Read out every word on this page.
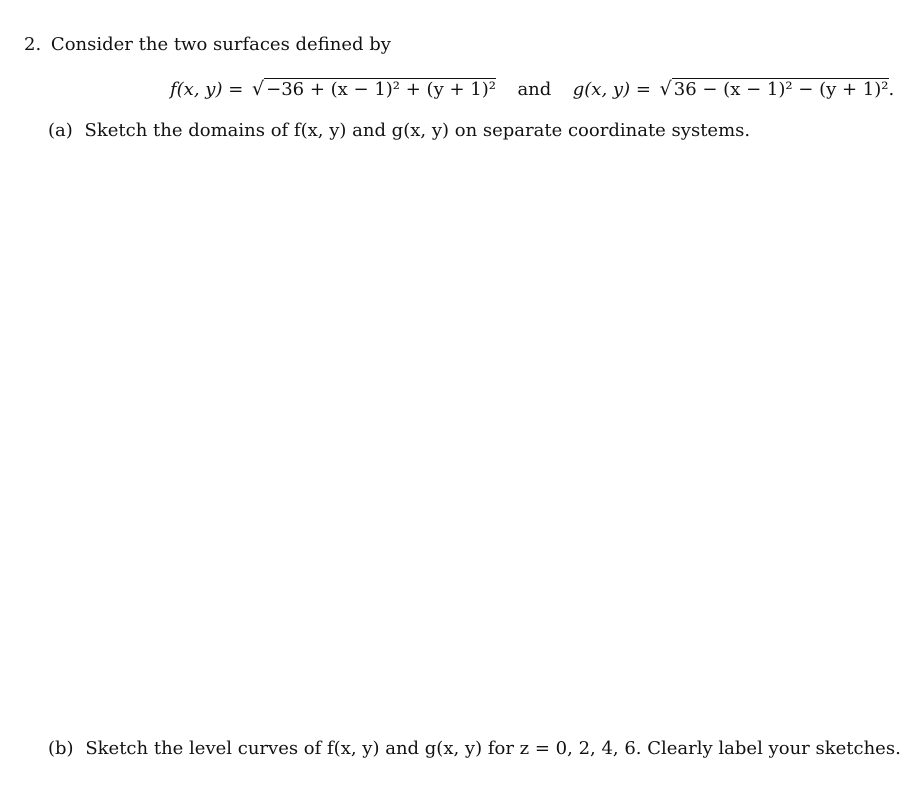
2. Consider the two surfaces defined by
f(x, y) = √ −36 + (x − 1)² + (y + 1)² and g(x, y) = √ 36 − (x − 1)² − (y + 1)².
(a) Sketch the domains of f(x, y) and g(x, y) on separate coordinate systems.
(b) Sketch the level curves of f(x, y) and g(x, y) for z = 0, 2, 4, 6. Clearly label your sketches.
